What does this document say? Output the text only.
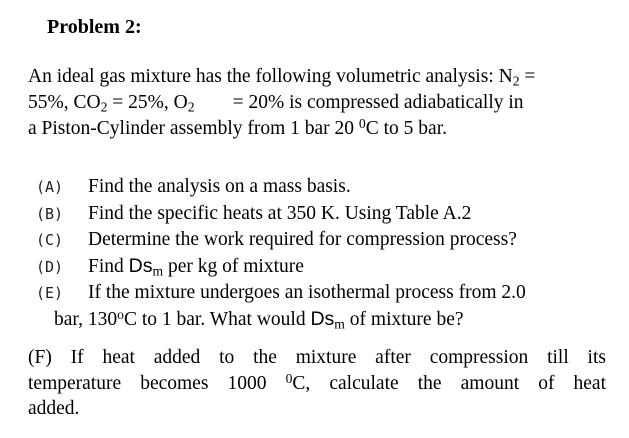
Problem 2:
An ideal gas mixture has the following volumetric analysis: $N_2$ =
55%, $CO_2 = 25\%$, $O_2 = 20\%$ is compressed adiabatically in
a Piston-Cylinder assembly from 1 bar 20 $^0$C to 5 bar.
(A) Find the analysis on a mass basis.
(B) Find the specific heats at 350 K. Using Table A.2
(C) Determine the work required for compression process?
(D) Find $Ds_m$ per kg of mixture
(E) If the mixture undergoes an isothermal process from 2.0
bar, 130$^o$C to 1 bar. What would $Ds_m$ of mixture be?
(F) If heat added to the mixture after compression till its
temperature becomes 1000 $^0$C, calculate the amount of heat
added.
